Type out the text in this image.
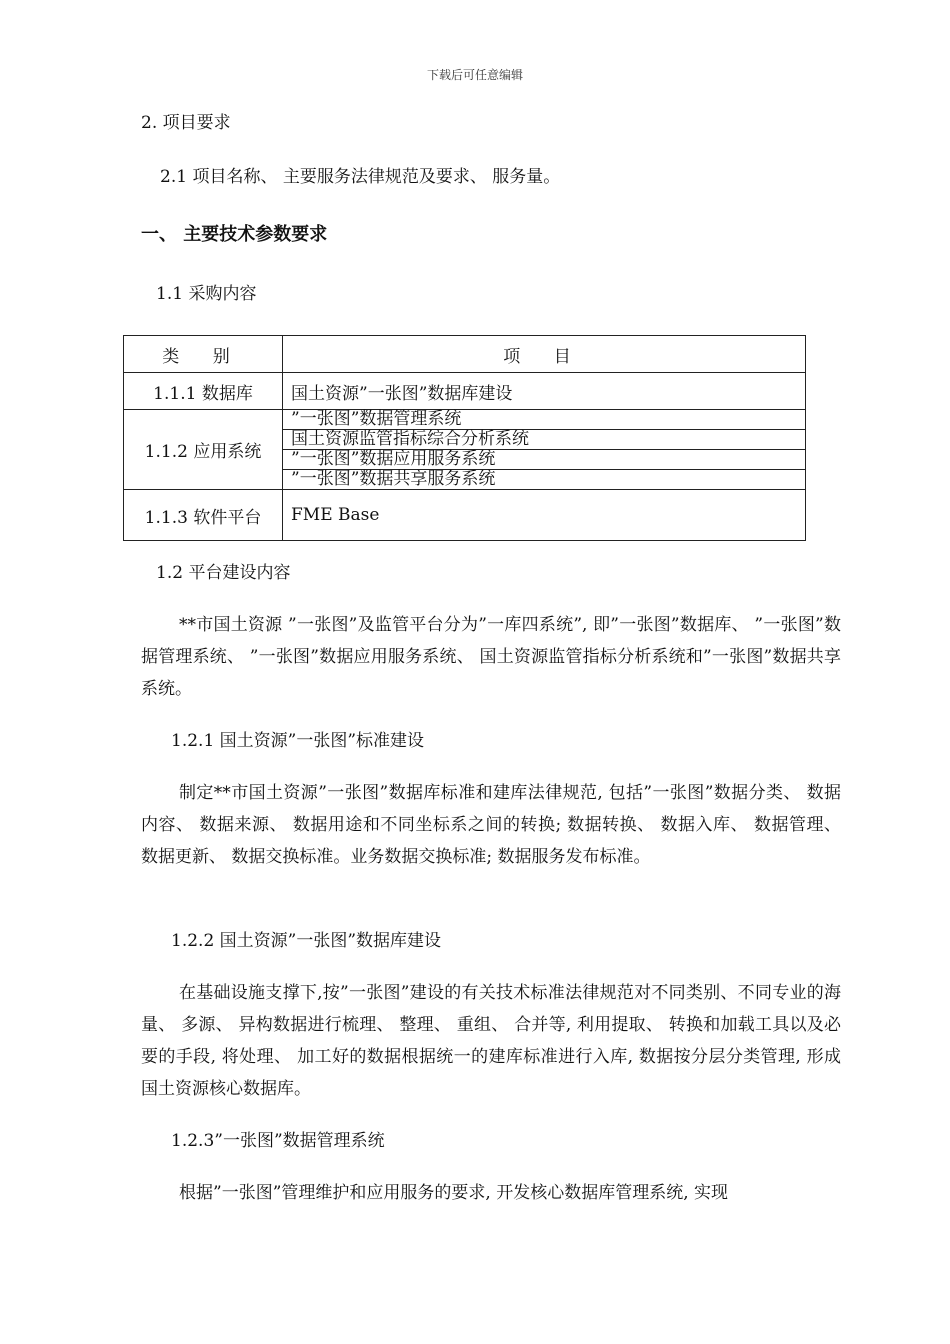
下载后可任意编辑
2. 项目要求
2.1 项目名称、 主要服务法律规范及要求、 服务量。
一、 主要技术参数要求
1.1 采购内容
类 别	项 目
1.1.1 数据库	国土资源”一张图”数据库建设
1.1.2 应用系统	”一张图”数据管理系统
国土资源监管指标综合分析系统
”一张图”数据应用服务系统
”一张图”数据共享服务系统

1.1.3 软件平台	FME Base
1.2 平台建设内容
**市国土资源 ”一张图”及监管平台分为”一库四系统”, 即”一张图”数据库、 ”一张图”数据管理系统、 ”一张图”数据应用服务系统、 国土资源监管指标分析系统和”一张图”数据共享系统。
1.2.1 国土资源”一张图”标准建设
制定**市国土资源”一张图”数据库标准和建库法律规范, 包括”一张图”数据分类、 数据内容、 数据来源、 数据用途和不同坐标系之间的转换; 数据转换、 数据入库、 数据管理、 数据更新、 数据交换标准。业务数据交换标准; 数据服务发布标准。
1.2.2 国土资源”一张图”数据库建设
在基础设施支撑下,按”一张图”建设的有关技术标准法律规范对不同类别、不同专业的海量、 多源、 异构数据进行梳理、 整理、 重组、 合并等, 利用提取、 转换和加载工具以及必要的手段, 将处理、 加工好的数据根据统一的建库标准进行入库, 数据按分层分类管理, 形成国土资源核心数据库。
1.2.3”一张图”数据管理系统
根据”一张图”管理维护和应用服务的要求, 开发核心数据库管理系统, 实现
